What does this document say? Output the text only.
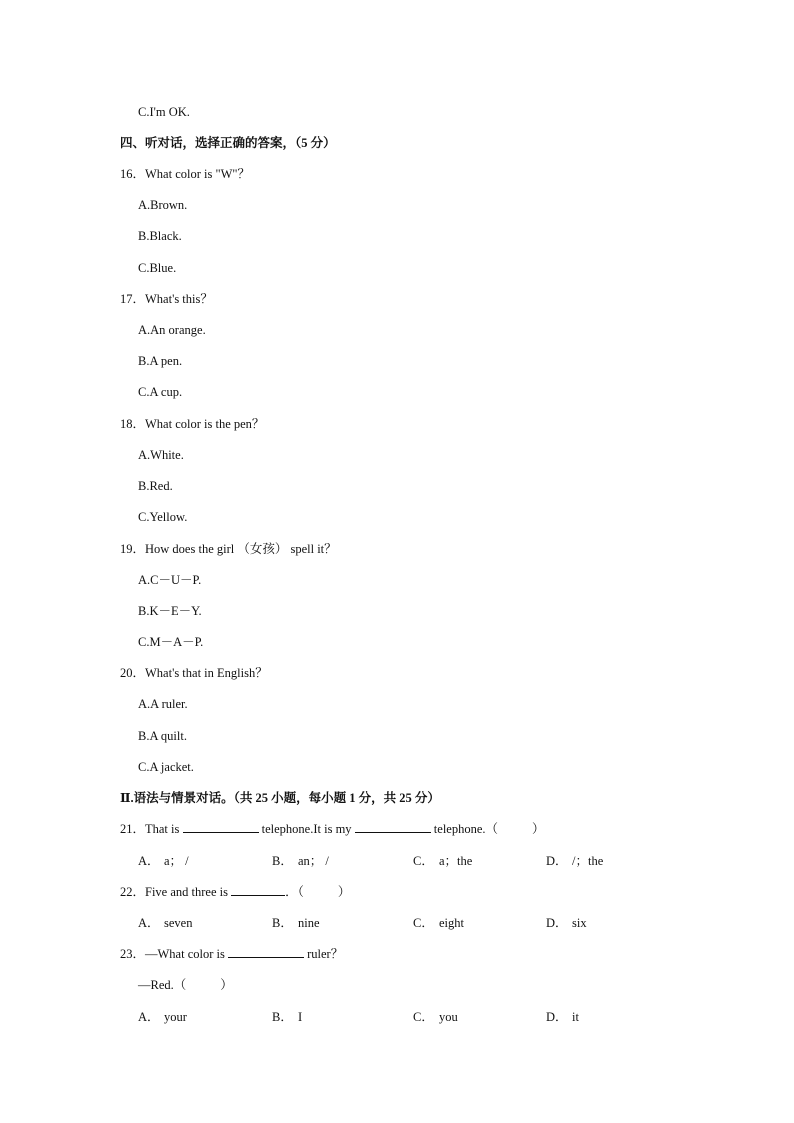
C.I'm OK.
四、听对话，选择正确的答案，（5 分）
16．What color is "W"？
A.Brown.
B.Black.
C.Blue.
17．What's this？
A.An orange.
B.A pen.
C.A cup.
18．What color is the pen？
A.White.
B.Red.
C.Yellow.
19．How does the girl （女孩） spell it？
A.C－U－P.
B.K－E－Y.
C.M－A－P.
20．What's that in English？
A.A ruler.
B.A quilt.
C.A jacket.
Ⅱ.语法与情景对话。（共 25 小题，每小题 1 分，共 25 分）
21．That is	telephone.It is my	telephone.（	）

A． a； /

	B． an； /

	C． a；the

	D． /；the

22．Five and three is	．（	）

A． seven

	B． nine

	C． eight

	D． six

23．—What color is	ruler？
—Red.（	）

A． your

	B． I

	C． you

	D． it
